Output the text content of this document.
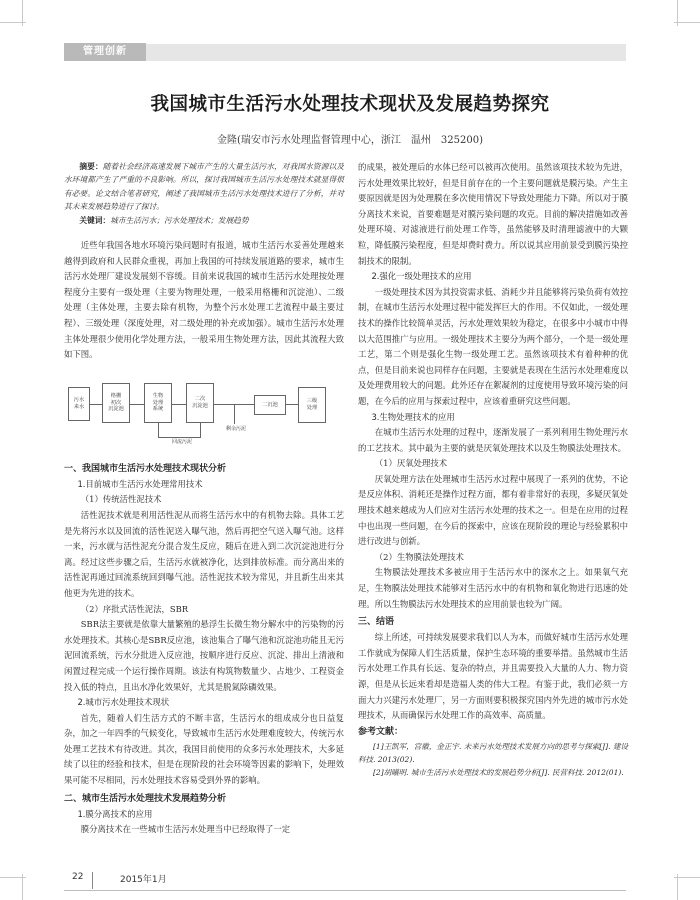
管理创新
我国城市生活污水处理技术现状及发展趋势探究
金隆(瑞安市污水处理监督管理中心，浙江　温州　325200)
摘要：随着社会经济高速发展下城市产生的大量生活污水，对我国水资源以及水环境都产生了严重的不良影响。所以，探讨我国城市生活污水处理技术就显得很有必要。论文结合笔者研究，阐述了我国城市生活污水处理技术进行了分析，并对其未来发展趋势进行了探讨。
关键词：城市生活污水；污水处理技术；发展趋势
近些年我国各地水环境污染问题时有报道，城市生活污水妥善处理越来越得到政府和人民群众重视，再加上我国的可持续发展道路的要求，城市生活污水处理厂建设发展刻不容缓。目前来说我国的城市生活污水处理按处理程度分主要有一级处理（主要为物理处理，一般采用格栅和沉淀池）、二级处理（主体处理，主要去除有机物，为整个污水处理工艺流程中最主要过程）、三级处理（深度处理，对二级处理的补充或加强）。城市生活污水处理主体处理很少使用化学处理方法，一般采用生物处理方法，因此其流程大致如下图。
污水
来水
格栅
初次
沉淀池
生物
处理
系统
二次
沉淀池	二沉池
三级
处理
回流污泥
剩余污泥
一、我国城市生活污水处理技术现状分析
1.目前城市生活污水处理常用技术
（1）传统活性泥技术
活性泥技术就是利用活性泥从而将生活污水中的有机物去除。具体工艺是先将污水以及回流的活性泥送入曝气池，然后再把空气送入曝气池。这样一来，污水就与活性泥充分混合发生反应，随后在进入到二次沉淀池进行分离。经过这些步骤之后，生活污水就被净化，达到排放标准。而分离出来的活性泥再通过回流系统回到曝气池。活性泥技术较为常见，并且新生出来其他更为先进的技术。
（2）序批式活性泥法，SBR
SBR法主要就是依靠大量繁殖的悬浮生长微生物分解水中的污染物的污水处理技术。其核心是SBR反应池，该池集合了曝气池和沉淀池功能且无污泥回流系统，污水分批进入反应池，按顺序进行反应、沉淀、排出上清液和闲置过程完成一个运行操作周期。该法有构筑物数量少、占地少、工程资金投入低的特点，且出水净化效果好，尤其是脱氮除磷效果。
2.城市污水处理技术现状
首先，随着人们生活方式的不断丰富，生活污水的组成成分也日益复杂，加之一年四季的气候变化，导致城市生活污水处理难度较大，传统污水处理工艺技术有待改进。其次，我国目前使用的众多污水处理技术，大多延续了以往的经验和技术，但是在现阶段的社会环境等因素的影响下，处理效果可能不尽相同，污水处理技术容易受到外界的影响。
二、城市生活污水处理技术发展趋势分析
1.膜分离技术的应用
膜分离技术在一些城市生活污水处理当中已经取得了一定
的成果，被处理后的水体已经可以被再次使用。虽然该项技术较为先进，污水处理效果比较好，但是目前存在的一个主要问题就是膜污染。产生主要原因就是因为处理膜在多次使用情况下导致处理能力下降。所以对于膜分离技术来说，首要难题是对膜污染问题的攻克。目前的解决措施如改善处理环境、对滤液进行前处理工作等，虽然能够及时清理滤液中的大颗粒，降低膜污染程度，但是却费时费力。所以说其应用前景受到膜污染控制技术的限制。
2.强化一级处理技术的应用
一级处理技术因为其投资需求低、消耗少并且能够将污染负荷有效控制，在城市生活污水处理过程中能发挥巨大的作用。不仅如此，一级处理技术的操作比较简单灵活，污水处理效果较为稳定，在很多中小城市中得以大范围推广与应用。一级处理技术主要分为两个部分，一个是一级处理工艺，第二个则是强化生物一级处理工艺。虽然该项技术有着种种的优点，但是目前来说也同样存在问题，主要就是表现在生活污水处理难度以及处理费用较大的问题。此外还存在絮凝剂的过度使用导致环境污染的问题，在今后的应用与探索过程中，应该着重研究这些问题。
3.生物处理技术的应用
在城市生活污水处理的过程中，逐渐发展了一系列利用生物处理污水的工艺技术。其中最为主要的就是厌氧处理技术以及生物膜法处理技术。
（1）厌氧处理技术
厌氧处理方法在处理城市生活污水过程中展现了一系列的优势，不论是反应体积、消耗还是操作过程方面，都有着非常好的表现，多疑厌氧处理技术越来越成为人们应对生活污水处理的技术之一。但是在应用的过程中也出现一些问题，在今后的探索中，应该在现阶段的理论与经验累积中进行改进与创新。
（2）生物膜法处理技术
生物膜法处理技术多被应用于生活污水中的深水之上。如果氧气充足，生物膜法处理技术能够对生活污水中的有机物和氧化物进行迅速的处理。所以生物膜法污水处理技术的应用前景也较为广阔。
三、结语
综上所述，可持续发展要求我们以人为本，而做好城市生活污水处理工作就成为保障人们生活质量，保护生态环境的重要举措。虽然城市生活污水处理工作具有长远、复杂的特点，并且需要投入大量的人力、物力资源，但是从长远来看却是造福人类的伟大工程。有鉴于此，我们必须一方面大力兴建污水处理厂，另一方面则要积极探究国内外先进的城市污水处理技术，从而确保污水处理工作的高效率、高质量。
参考文献：
[1]王凯军，宫徽，金正宇. 未来污水处理技术发展方向的思考与探索[J]. 建设科技. 2013(02).
[2]胡曦明. 城市生活污水处理技术的发展趋势分析[J]. 民营科技. 2012(01).
22	2015年1月
